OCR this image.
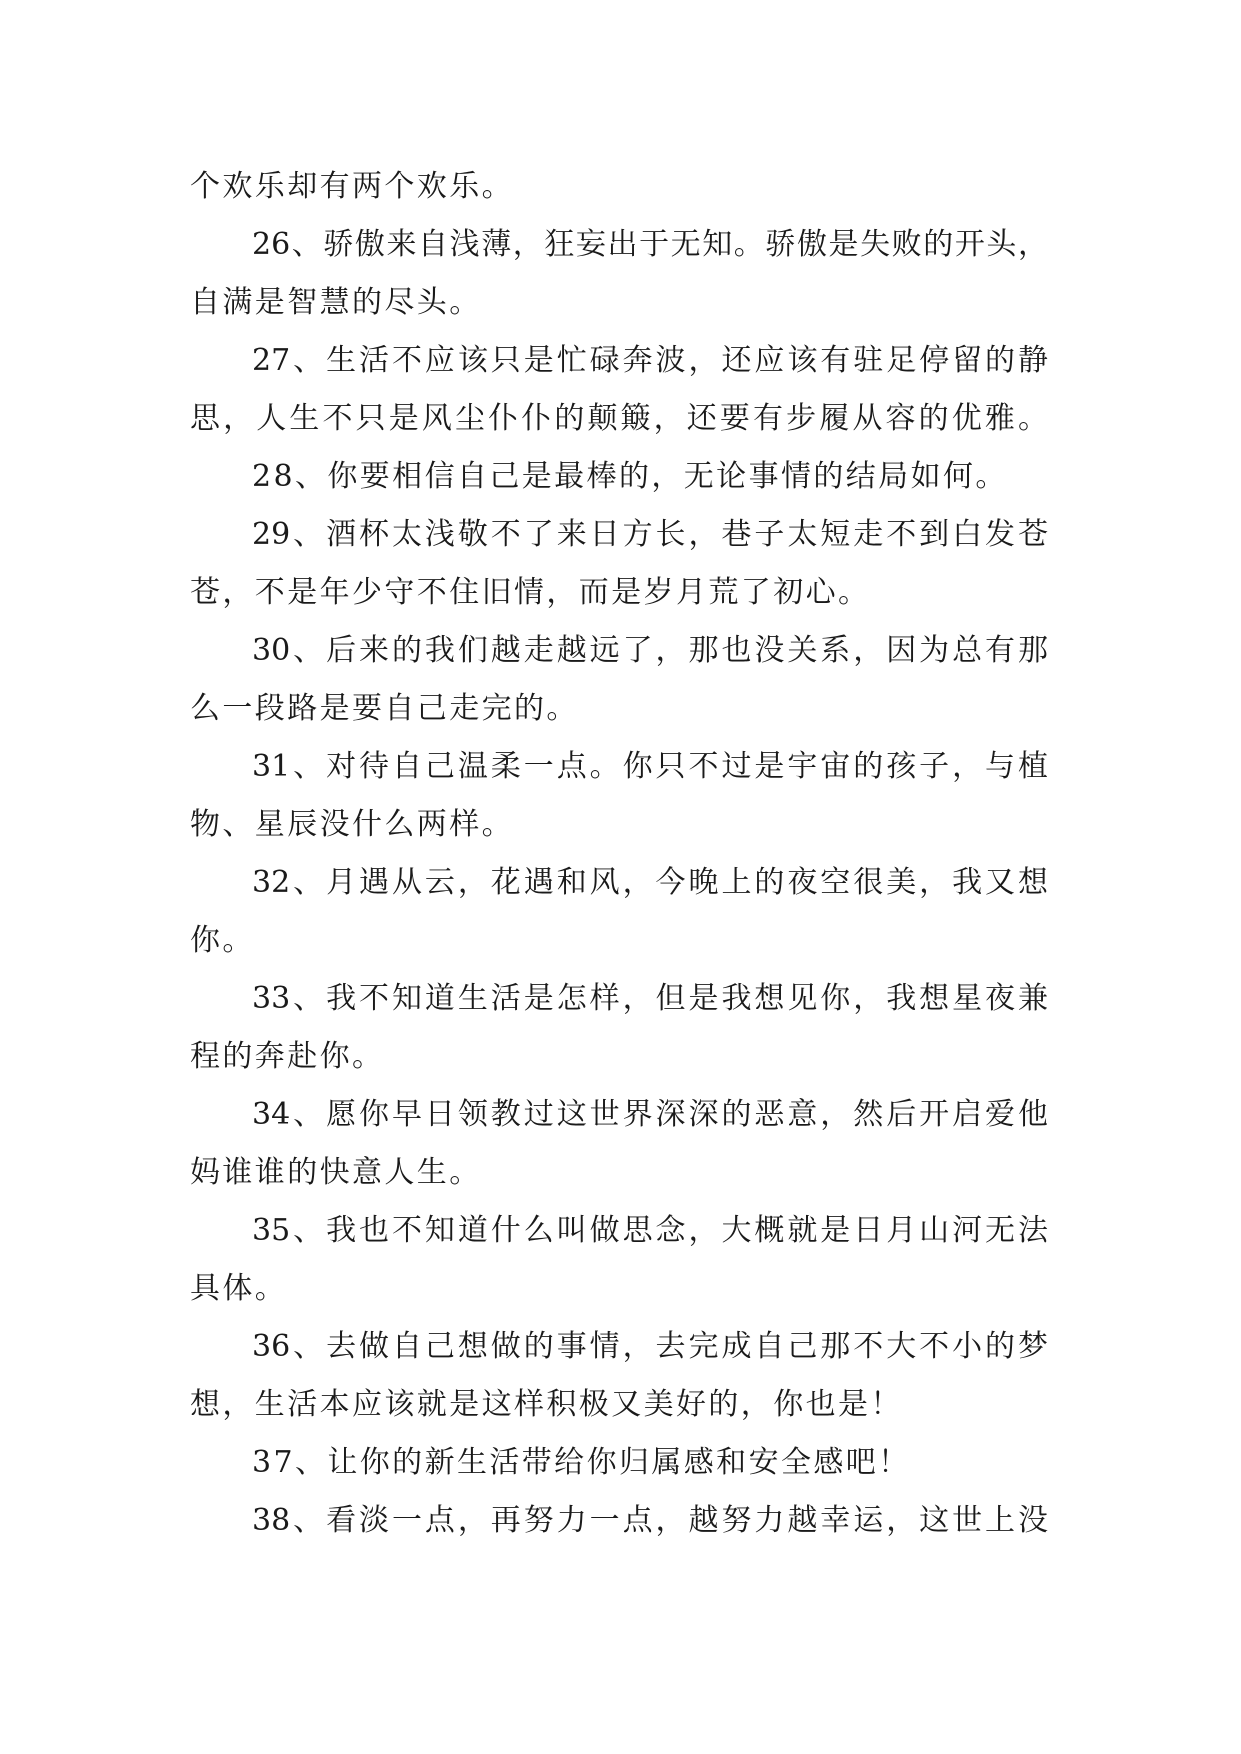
个欢乐却有两个欢乐。
26、骄傲来自浅薄，狂妄出于无知。骄傲是失败的开头，
自满是智慧的尽头。
27、生活不应该只是忙碌奔波，还应该有驻足停留的静
思，人生不只是风尘仆仆的颠簸，还要有步履从容的优雅。
28、你要相信自己是最棒的，无论事情的结局如何。
29、酒杯太浅敬不了来日方长，巷子太短走不到白发苍
苍，不是年少守不住旧情，而是岁月荒了初心。
30、后来的我们越走越远了，那也没关系，因为总有那
么一段路是要自己走完的。
31、对待自己温柔一点。你只不过是宇宙的孩子，与植
物、星辰没什么两样。
32、月遇从云，花遇和风，今晚上的夜空很美，我又想
你。
33、我不知道生活是怎样，但是我想见你，我想星夜兼
程的奔赴你。
34、愿你早日领教过这世界深深的恶意，然后开启爱他
妈谁谁的快意人生。
35、我也不知道什么叫做思念，大概就是日月山河无法
具体。
36、去做自己想做的事情，去完成自己那不大不小的梦
想，生活本应该就是这样积极又美好的，你也是！
37、让你的新生活带给你归属感和安全感吧！
38、看淡一点，再努力一点，越努力越幸运，这世上没
